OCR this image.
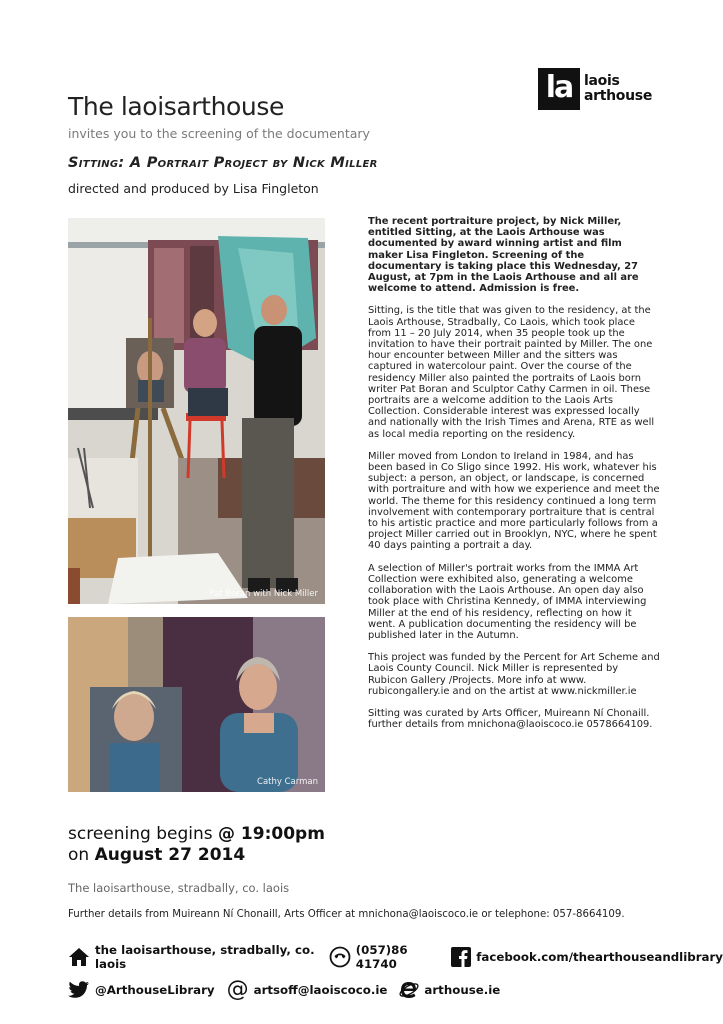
la laois
arthouse
The laoisarthouse
invites you to the screening of the documentary
Sitting: A Portrait Project by Nick Miller
directed and produced by Lisa Fingleton
Pat Boran with Nick Miller
Cathy Carman

The recent portraiture project, by Nick Miller, entitled Sitting, at the Laois Arthouse was documented by award winning artist and film maker Lisa Fingleton. Screening of the documentary is taking place this Wednesday, 27 August, at 7pm in the Laois Arthouse and all are welcome to attend. Admission is free.

Sitting, is the title that was given to the residency, at the Laois Arthouse, Stradbally, Co Laois, which took place from 11 – 20 July 2014, when 35 people took up the invitation to have their portrait painted by Miller. The one hour encounter between Miller and the sitters was captured in watercolour paint. Over the course of the residency Miller also painted the portraits of Laois born writer Pat Boran and Sculptor Cathy Carmen in oil. These portraits are a welcome addition to the Laois Arts Collection. Considerable interest was expressed locally and nationally with the Irish Times and Arena, RTE as well as local media reporting on the residency.

Miller moved from London to Ireland in 1984, and has been based in Co Sligo since 1992. His work, whatever his subject: a person, an object, or landscape, is concerned with portraiture and with how we experience and meet the world. The theme for this residency continued a long term involvement with contemporary portraiture that is central to his artistic practice and more particularly follows from a project Miller carried out in Brooklyn, NYC, where he spent 40 days painting a portrait a day.

A selection of Miller's portrait works from the IMMA Art Collection were exhibited also, generating a welcome collaboration with the Laois Arthouse. An open day also took place with Christina Kennedy, of IMMA interviewing Miller at the end of his residency, reflecting on how it went. A publication documenting the residency will be published later in the Autumn.

This project was funded by the Percent for Art Scheme and Laois County Council. Nick Miller is represented by Rubicon Gallery /Projects. More info at www. rubicongallery.ie and on the artist at www.nickmiller.ie

Sitting was curated by Arts Officer, Muireann Ní Chonaill. further details from mnichona@laoiscoco.ie 0578664109.

screening begins @ 19:00pm
on August 27 2014
The laoisarthouse, stradbally, co. laois
Further details from Muireann Ní Chonaill, Arts Officer at mnichona@laoiscoco.ie or telephone: 057-8664109.
the laoisarthouse, stradbally, co. laois
(057)86 41740	facebook.com/thearthouseandlibrary
@ArthouseLibrary @ artsoff@laoiscoco.ie	arthouse.ie
